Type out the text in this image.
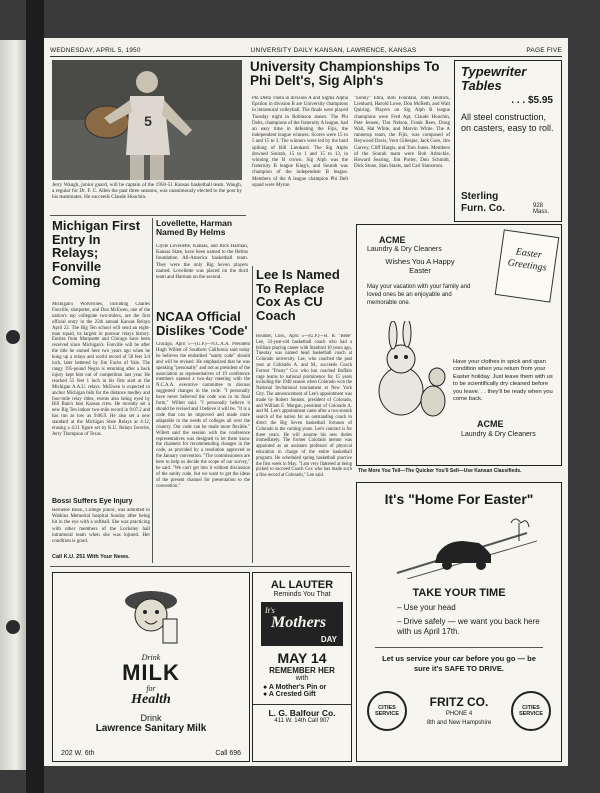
WEDNESDAY, APRIL 5, 1950	UNIVERSITY DAILY KANSAN, LAWRENCE, KANSAS	PAGE FIVE
5
Jerry Waugh, junior guard, will be captain of the 1950-51 Kansas basketball team. Waugh, a regular for Dr. F. C. Allen the past three seasons, was unanimously elected to the post by his teammates. He succeeds Claude Houchin.
University Championships To Phi Delt's, Sig Alph's
Phi Delta Theta in division A and Sigma Alpha Epsilon in division B are University champions in intramural volleyball. The finals were played Tuesday night in Robinson annex. The Phi Delts, champions of the fraternity A league, had an easy time in defeating the Fijis, the independent league winners. Scores were 15 to 5 and 15 to 3. The winners were led by the hard spiking of Bill Lienhard. The Sig Alphs downed Sourah, 15 to 1 and 15 to 13, in winning the B crown. Sig Alph was the fraternity B league King's, and Sourah was champion of the independent B league. Members of the A league champion Phi Delt squad were Myron
"Sonny" Ebra, Bob Fountain, John Hedrick, Lienhard, Harold Lowe, Don McBeth, and Walt Quiring. Players on Sig Alph B league champions were Fred Apt, Claude Houchin, Pete Jensen, Tim Nelson, Frank Rees, Doug Wall, Hal White, and Marvin White. The A runnerup team, the Fijis, was composed of Heywood Davis, Vern Gillespie, Jack Gore, Jim Garvey, Cliff Hargis, and Tom Jones. Members of the Sourah team were Bob Arbuckle, Howard Searing, Jim Porter, Don Schmidt, Dick Stone, Stan Staats, and Carl Stanstrom.
Typewriter Tables
. . . $5.95
All steel construction, on casters, easy to roll.
Sterling Furn. Co.	928 Mass.
Michigan First Entry In Relays; Fonville Coming
Michigan's Wolverines, including Charles Fonville, shotputter, and Don McEwen, one of the nation's top collegiate two-milers, are the first official entry in the 25th annual Kansas Relays April 22. The Big Ten school will send an eight-man squad, its largest in postwar relays history. Entries from Marquette and Chicago have been received since Michigan's. Fonville will be after the title he earned here two years ago when he hung up a relays and world record of 58 feet 3/4 inch, later bettered by Jim Fuchs of Yale. The rangy 195-pound Negro is returning after a back injury kept him out of competition last year. He reached 55 feet 1 inch in his first start at the Michigan A.A.U. relays. McEwen is expected to anchor Michigan bids for the distance medley and four-mile relay titles, events also being eyed by Bill Bain's host Kansas crew. He recently set a new Big Ten indoor two-mile record in 9:07.2 and has run as low as 9:06.9. He also set a new standard at the Michigan State Relays at 4:12, erasing a 4:21 figure set by K.U. Relays favorite, Jerry Thompson of Texas.
Bossi Suffers Eye Injury
Bernelee Bossi, College junior, was admitted to Watkins Memorial hospital Sunday after being hit in the eye with a softball. She was practicing with other members of the Locksley hall intramural team when she was injured. Her condition is good.
Call K.U. 251 With Your News.
Lovellette, Harman Named By Helms
Clyde Lovellette, Kansas, and Rick Harman, Kansas State, have been named to the Helms foundation All-America basketball team. They were the only Big Seven players named. Lovellette was placed on the third team and Harman on the second.
NCAA Official Dislikes 'Code'
Chicago, April 5—(U.P.)—N.C.A.A. President Hugh Willett of Southern California said today he believes the embattled "sanity code" should and will be revised. He emphasized that he was speaking "personally" and not as president of the association as representatives of 19 conference members opened a two-day meeting with the N.C.A.A. executive committee to discuss suggested changes in the code. "I personally have never believed the code was in its final form," Willett said. "I personally believe it should be revised and I believe it will be. "It is a code that can be improved and made more adaptable to the needs of colleges all over the country. Our code can be made more flexible." Willett said the session with the conference representatives was designed to let them know the channels for recommending changes in the code, as provided by a resolution approved at the January convention. "The commissioners are here to help us decide the scope of our survey," he said. "We can't get into it without discussion of the sanity code, but we want to get the ideas of the present channel for presentation to the convention."
Lee Is Named To Replace Cox As CU Coach
Boulder, Colo., April 5—(U.P.)—H. B. "Bebe" Lee, 33-year-old basketball coach who had a brilliant playing career with Stanford 10 years ago, Tuesday was named head basketball coach at Colorado university. Lee, who coached the past year at Colorado A. and M., succeeds Coach Forrest "Frosty" Cox who has coached Buffalo cage teams to national prominence for 15 years including the 1940 season when Colorado won the National Invitational tournament at New York City. The announcement of Lee's appointment was made by Robert Stearns, president of Colorado, and William E. Morgan, president of Colorado A. and M. Lee's appointment came after a two-month search of the nation for an outstanding coach to direct the Big Seven basketball fortunes of Colorado in the coming years. Lee's contract is for three years. He will assume his new duties immediately. The former Colorado mentor was appointed as an assistant professor of physical education in charge of the entire basketball program. He scheduled spring basketball practice the first week in May. "I am very flattered at being picked to succeed Coach Cox who has made such a fine record at Colorado," Lee said.
ACME
Laundry & Dry Cleaners
Wishes You A Happy Easter
May your vacation with your family and loved ones be an enjoyable and memorable one.
Easter Greetings
Have your clothes in spick and span condition when you return from your Easter holiday. Just leave them with us to be scientifically dry cleaned before you leave. . . they'll be ready when you come back.
ACME
Laundry & Dry Cleaners
The More You Tell—The Quicker You'll Sell—Use Kansan Classifieds.
Drink
MILK
for
Health
Drink
Lawrence Sanitary Milk
202 W. 6th	Call 696
AL LAUTER
Reminds You That
It's
Mothers
DAY
MAY 14
REMEMBER HER
with
● A Mother's Pin or
● A Crested Gift
L. G. Balfour Co.
411 W. 14th Call 907
It's "Home For Easter"
TAKE YOUR TIME
– Use your head
– Drive safely — we want you back here with us April 17th.
Let us service your car before you go — be sure it's SAFE TO DRIVE.
CITIES SERVICE
CITIES SERVICE
FRITZ CO.
PHONE 4
8th and New Hampshire
